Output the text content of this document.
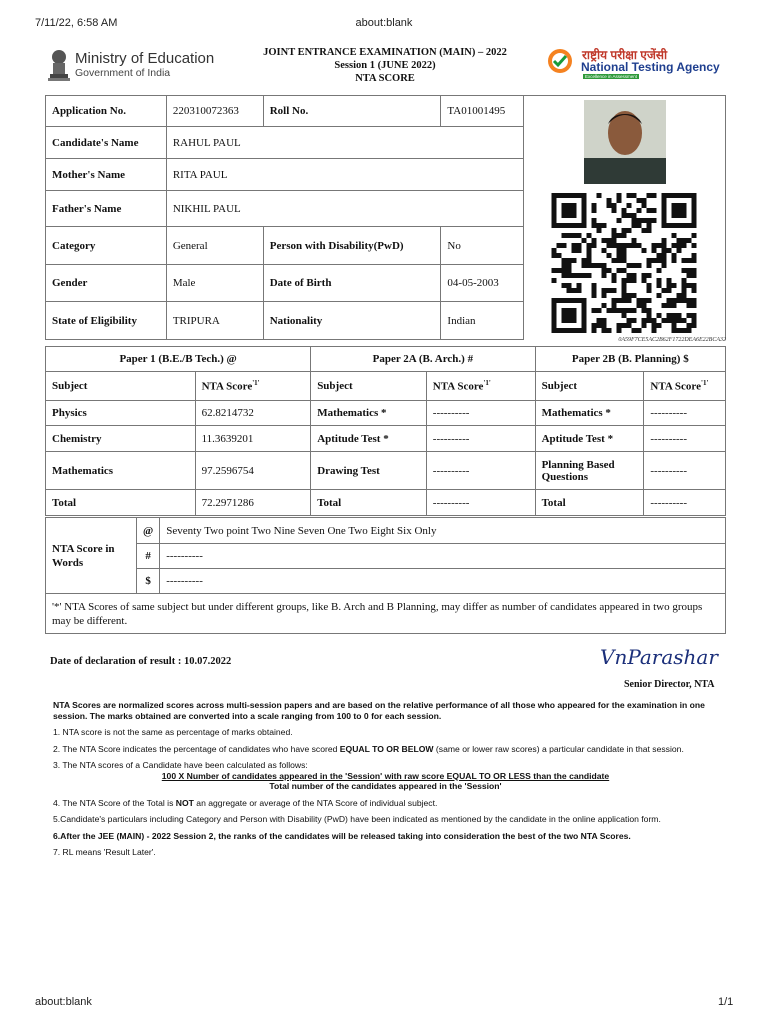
7/11/22, 6:58 AM	about:blank
Ministry of Education
Government of India
JOINT ENTRANCE EXAMINATION (MAIN) – 2022
Session 1 (JUNE 2022)
NTA SCORE
राष्ट्रीय परीक्षा एजेंसी
National Testing Agency
Excellence in Assessment
Application No.	220310072363	Roll No.	TA01001495	
Candidate's Name	RAHUL PAUL			
Mother's Name	RITA PAUL			
Father's Name	NIKHIL PAUL			
Category	General	Person with Disability(PwD)	No	
Gender	Male	Date of Birth	04-05-2003	
State of Eligibility	TRIPURA	Nationality	Indian	
0A59F7CE5AC2B62F1722DEA6E22BCA32
Paper 1 (B.E./B Tech.) @		Paper 2A (B. Arch.) #		Paper 2B (B. Planning) $	
Subject	NTA Score$^{'1'}$	Subject	NTA Score$^{'1'}$	Subject	NTA Score$^{'1'}$
Physics	62.8214732	Mathematics *	----------	Mathematics *	----------
Chemistry	11.3639201	Aptitude Test *	----------	Aptitude Test *	----------
Mathematics	97.2596754	Drawing Test	----------	Planning Based Questions	----------
Total	72.2971286	Total	----------	Total	----------
NTA Score in Words	@	Seventy Two point Two Nine Seven One Two Eight Six Only
	#	----------
	$	----------
'*' NTA Scores of same subject but under different groups, like B. Arch and B Planning, may differ as number of candidates appeared in two groups may be different.		
Date of declaration of result : 10.07.2022	VnParashar
Senior Director, NTA

NTA Scores are normalized scores across multi-session papers and are based on the relative performance of all those who appeared for the examination in one session. The marks obtained are converted into a scale ranging from 100 to 0 for each session.

1. NTA score is not the same as percentage of marks obtained.

2. The NTA Score indicates the percentage of candidates who have scored EQUAL TO OR BELOW (same or lower raw scores) a particular candidate in that session.

3. The NTA scores of a Candidate have been calculated as follows:

100 X Number of candidates appeared in the 'Session' with raw score EQUAL TO OR LESS than the candidate
Total number of the candidates appeared in the 'Session'

4. The NTA Score of the Total is NOT an aggregate or average of the NTA Score of individual subject.

5.Candidate's particulars including Category and Person with Disability (PwD) have been indicated as mentioned by the candidate in the online application form.

6.After the JEE (MAIN) - 2022 Session 2, the ranks of the candidates will be released taking into consideration the best of the two NTA Scores.

7. RL means 'Result Later'.

about:blank	1/1
